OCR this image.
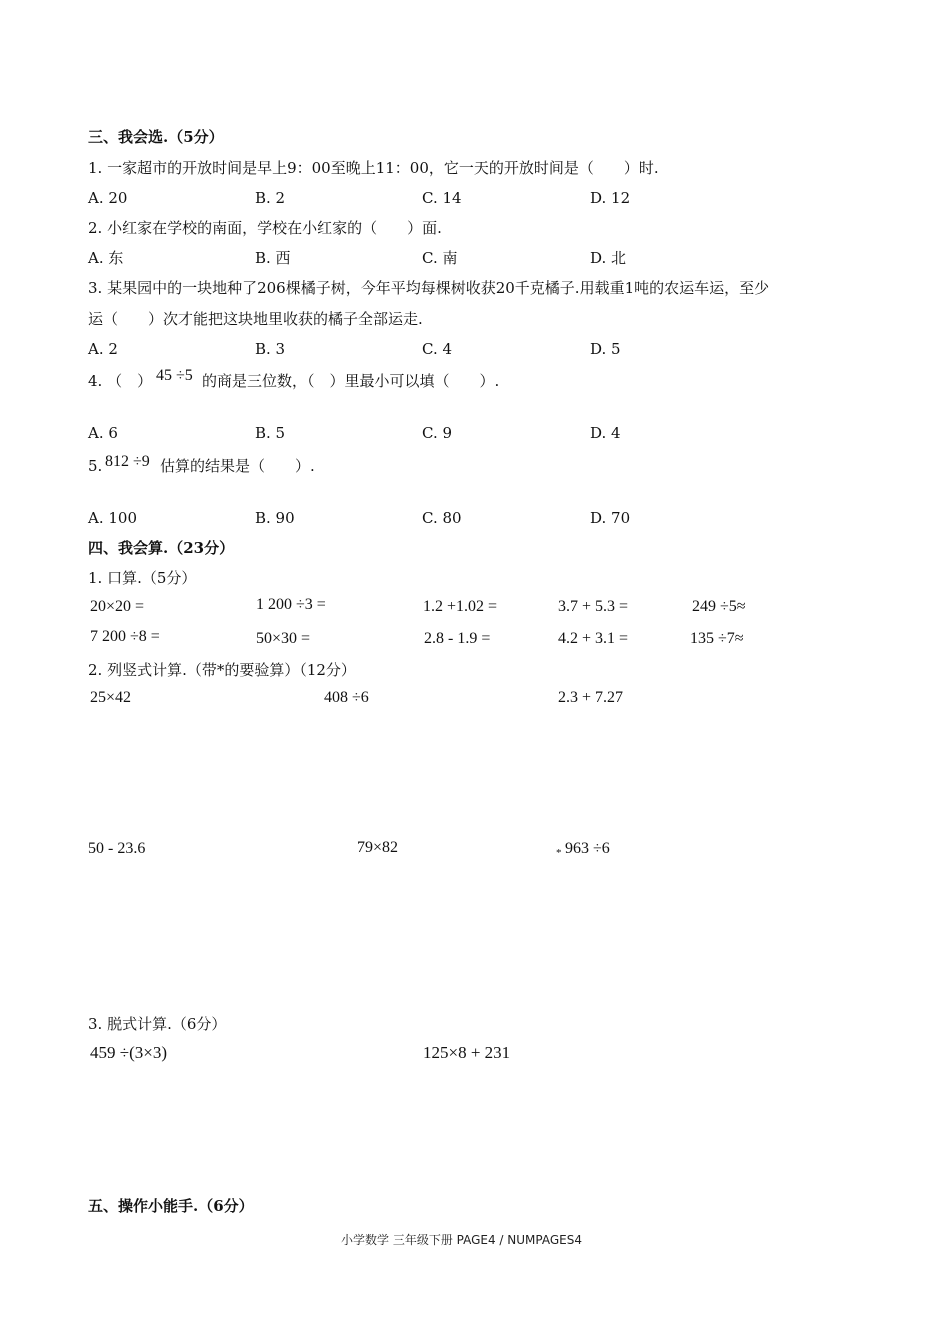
三、我会选.（5分）
1. 一家超市的开放时间是早上9：00至晚上11：00，它一天的开放时间是（　　）时.
A. 20	B. 2	C. 14	D. 12
2. 小红家在学校的南面，学校在小红家的（　　）面.
A. 东	B. 西	C. 南	D. 北
3. 某果园中的一块地种了206棵橘子树，今年平均每棵树收获20千克橘子.用载重1吨的农运车运，至少
运（　　）次才能把这块地里收获的橘子全部运走.
A. 2	B. 3	C. 4	D. 5
4. （　） 45 ÷5 的商是三位数，（　）里最小可以填（　　）.
A. 6	B. 5	C. 9	D. 4
5. 812 ÷9 估算的结果是（　　）.
A. 100	B. 90	C. 80	D. 70
四、我会算.（23分）
1. 口算.（5分）
20×20 =	1 200 ÷3 =	1.2 +1.02 =	3.7 + 5.3 =	249 ÷5≈
7 200 ÷8 =	50×30 =	2.8 - 1.9 =	4.2 + 3.1 =	135 ÷7≈
2. 列竖式计算.（带*的要验算）（12分）
25×42	408 ÷6	2.3 + 7.27
50 - 23.6	79×82	* 963 ÷6
3. 脱式计算.（6分）
459 ÷(3×3)	125×8 + 231
五、操作小能手.（6分）
小学数学 三年级下册 PAGE4 / NUMPAGES4
